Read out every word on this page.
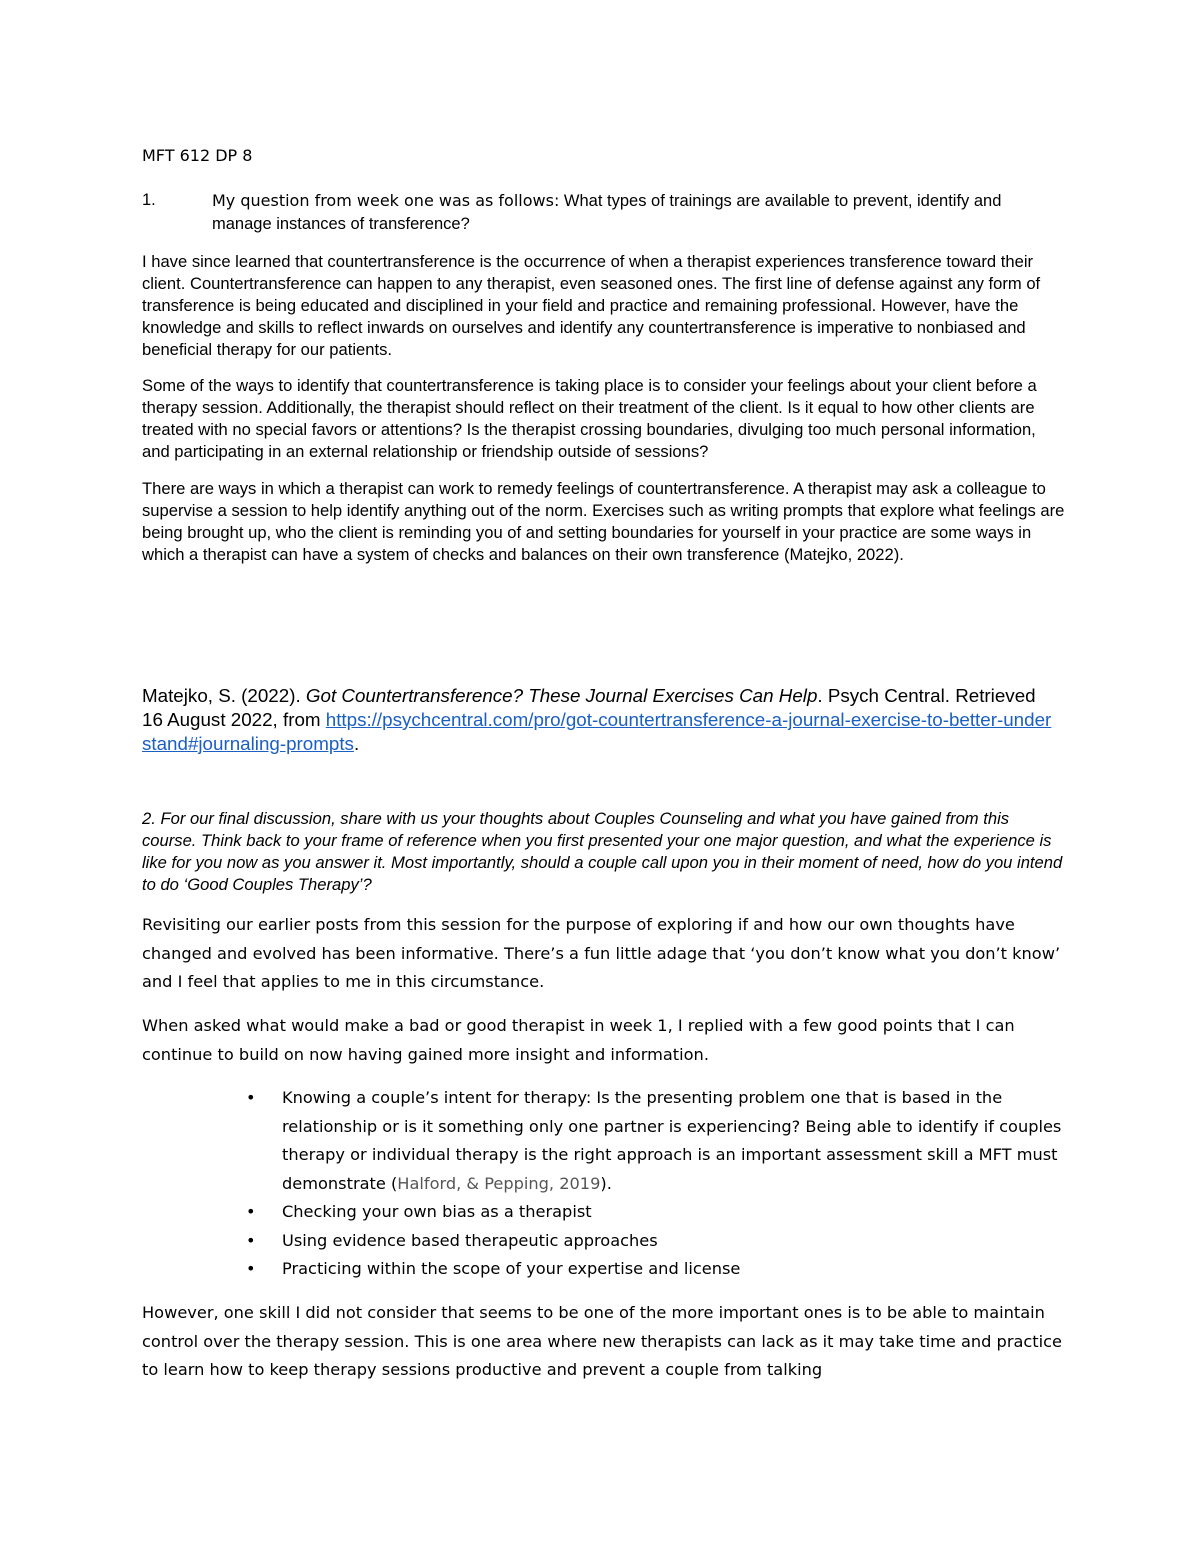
MFT 612 DP 8
1.	My question from week one was as follows: What types of trainings are available to prevent, identify and manage instances of transference?

I have since learned that countertransference is the occurrence of when a therapist experiences transference toward their client. Countertransference can happen to any therapist, even seasoned ones. The first line of defense against any form of transference is being educated and disciplined in your field and practice and remaining professional. However, have the knowledge and skills to reflect inwards on ourselves and identify any countertransference is imperative to nonbiased and beneficial therapy for our patients.

Some of the ways to identify that countertransference is taking place is to consider your feelings about your client before a therapy session. Additionally, the therapist should reflect on their treatment of the client. Is it equal to how other clients are treated with no special favors or attentions? Is the therapist crossing boundaries, divulging too much personal information, and participating in an external relationship or friendship outside of sessions?

There are ways in which a therapist can work to remedy feelings of countertransference. A therapist may ask a colleague to supervise a session to help identify anything out of the norm. Exercises such as writing prompts that explore what feelings are being brought up, who the client is reminding you of and setting boundaries for yourself in your practice are some ways in which a therapist can have a system of checks and balances on their own transference (Matejko, 2022).

Matejko, S. (2022). Got Countertransference? These Journal Exercises Can Help. Psych Central. Retrieved 16 August 2022, from https://psychcentral.com/pro/got-countertransference-a-journal-exercise-to-better-understand#journaling-prompts.
2. For our final discussion, share with us your thoughts about Couples Counseling and what you have gained from this course. Think back to your frame of reference when you first presented your one major question, and what the experience is like for you now as you answer it. Most importantly, should a couple call upon you in their moment of need, how do you intend to do ‘Good Couples Therapy’?
Revisiting our earlier posts from this session for the purpose of exploring if and how our own thoughts have changed and evolved has been informative. There’s a fun little adage that ‘you don’t know what you don’t know’ and I feel that applies to me in this circumstance.
When asked what would make a bad or good therapist in week 1, I replied with a few good points that I can continue to build on now having gained more insight and information.
• Knowing a couple’s intent for therapy: Is the presenting problem one that is based in the relationship or is it something only one partner is experiencing? Being able to identify if couples therapy or individual therapy is the right approach is an important assessment skill a MFT must demonstrate (Halford, & Pepping, 2019).
• Checking your own bias as a therapist
• Using evidence based therapeutic approaches
• Practicing within the scope of your expertise and license
However, one skill I did not consider that seems to be one of the more important ones is to be able to maintain control over the therapy session. This is one area where new therapists can lack as it may take time and practice to learn how to keep therapy sessions productive and prevent a couple from talking
